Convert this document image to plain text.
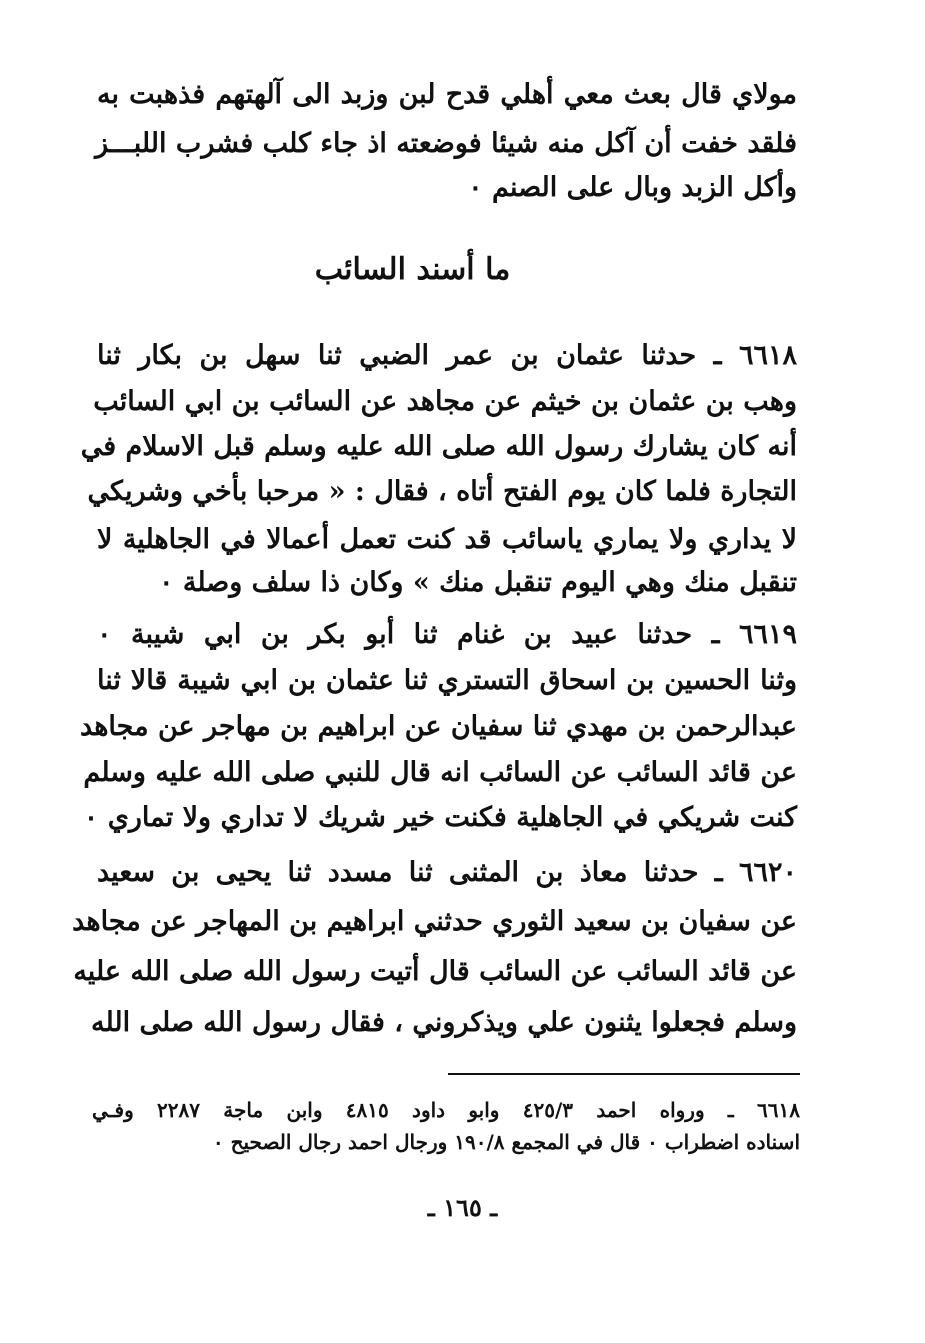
مولاي قال بعث معي أهلي قدح لبن وزبد الى آلهتهم فذهبت به
فلقد خفت أن آكل منه شيئا فوضعته اذ جاء كلب فشرب اللبـــز
وأكل الزبد وبال على الصنم ٠
ما أسند السائب
٦٦١٨ ـ حدثنا عثمان بن عمر الضبي ثنا سهل بن بكار ثنا
وهب بن عثمان بن خيثم عن مجاهد عن السائب بن ابي السائب
أنه كان يشارك رسول الله صلى الله عليه وسلم قبل الاسلام في
التجارة فلما كان يوم الفتح أتاه ، فقال : « مرحبا بأخي وشريكي
لا يداري ولا يماري ياسائب قد كنت تعمل أعمالا في الجاهلية لا
تنقبل منك وهي اليوم تنقبل منك » وكان ذا سلف وصلة ٠
٦٦١٩ ـ حدثنا عبيد بن غنام ثنا أبو بكر بن ابي شيبة ٠
وثنا الحسين بن اسحاق التستري ثنا عثمان بن ابي شيبة قالا ثنا
عبدالرحمن بن مهدي ثنا سفيان عن ابراهيم بن مهاجر عن مجاهد
عن قائد السائب عن السائب انه قال للنبي صلى الله عليه وسلم
كنت شريكي في الجاهلية فكنت خير شريك لا تداري ولا تماري ٠
٦٦٢٠ ـ حدثنا معاذ بن المثنى ثنا مسدد ثنا يحيى بن سعيد
عن سفيان بن سعيد الثوري حدثني ابراهيم بن المهاجر عن مجاهد
عن قائد السائب عن السائب قال أتيت رسول الله صلى الله عليه
وسلم فجعلوا يثنون علي ويذكروني ، فقال رسول الله صلى الله
٦٦١٨ ـ ورواه احمد ٤٢٥/٣ وابو داود ٤٨١٥ وابن ماجة ٢٢٨٧ وفـي
اسناده اضطراب ٠ قال في المجمع ١٩٠/٨ ورجال احمد رجال الصحيح ٠
ـ ١٦٥ ـ
